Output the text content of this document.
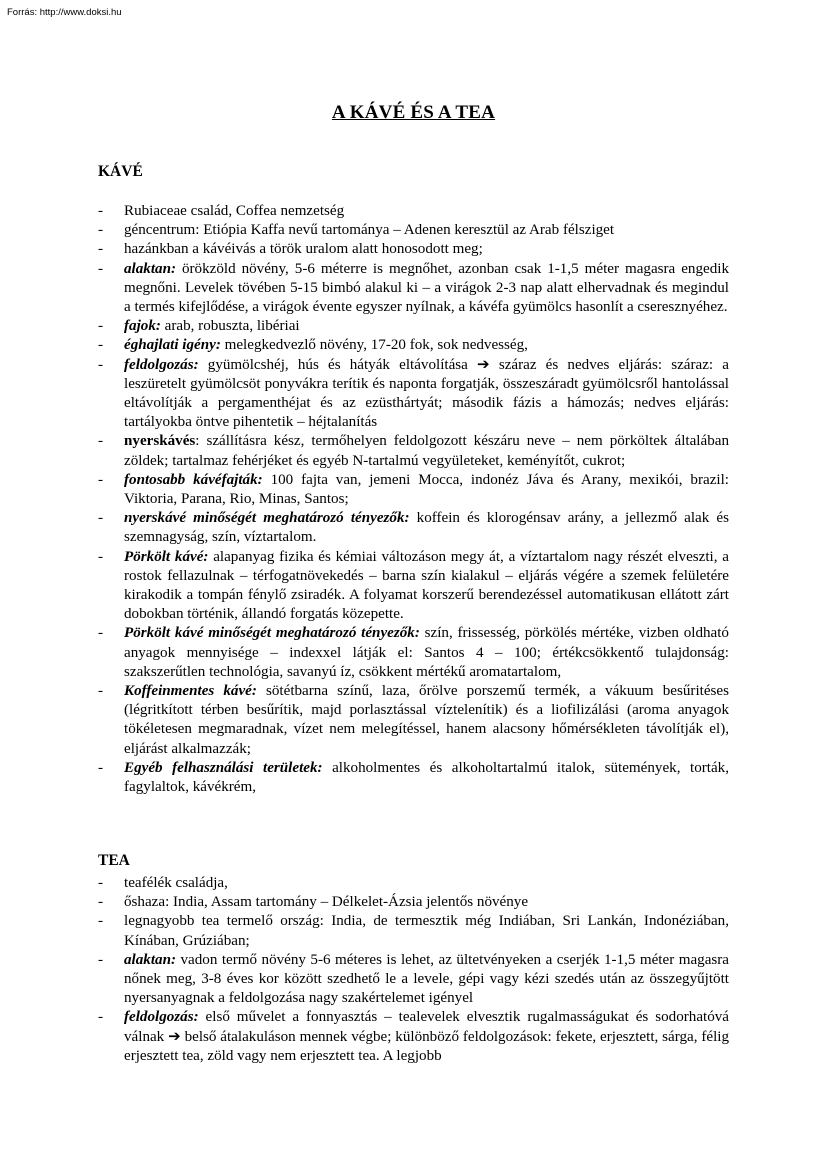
Forrás: http://www.doksi.hu
A KÁVÉ ÉS A TEA
KÁVÉ
- Rubiaceae család, Coffea nemzetség
- géncentrum: Etiópia Kaffa nevű tartománya – Adenen keresztül az Arab félsziget
- hazánkban a kávéivás a török uralom alatt honosodott meg;
- alaktan: örökzöld növény, 5-6 méterre is megnőhet, azonban csak 1-1,5 méter magasra engedik megnőni. Levelek tövében 5-15 bimbó alakul ki – a virágok 2-3 nap alatt elhervadnak és megindul a termés kifejlődése, a virágok évente egyszer nyílnak, a kávéfa gyümölcs hasonlít a cseresznyéhez.
- fajok: arab, robuszta, libériai
- éghajlati igény: melegkedvezlő növény, 17-20 fok, sok nedvesség,
- feldolgozás: gyümölcshéj, hús és hátyák eltávolítása ➔ száraz és nedves eljárás: száraz: a leszüretelt gyümölcsöt ponyvákra terítik és naponta forgatják, összeszáradt gyümölcsről hantolással eltávolítják a pergamenthéjat és az ezüsthártyát; második fázis a hámozás; nedves eljárás: tartályokba öntve pihentetik – héjtalanítás
- nyerskávés: szállításra kész, termőhelyen feldolgozott készáru neve – nem pörköltek általában zöldek; tartalmaz fehérjéket és egyéb N-tartalmú vegyületeket, keményítőt, cukrot;
- fontosabb kávéfajták: 100 fajta van, jemeni Mocca, indonéz Jáva és Arany, mexikói, brazil: Viktoria, Parana, Rio, Minas, Santos;
- nyerskávé minőségét meghatározó tényezők: koffein és klorogénsav arány, a jellezmő alak és szemnagyság, szín, víztartalom.
- Pörkölt kávé: alapanyag fizika és kémiai változáson megy át, a víztartalom nagy részét elveszti, a rostok fellazulnak – térfogatnövekedés – barna szín kialakul – eljárás végére a szemek felületére kirakodik a tompán fénylő zsiradék. A folyamat korszerű berendezéssel automatikusan ellátott zárt dobokban történik, állandó forgatás közepette.
- Pörkölt kávé minőségét meghatározó tényezők: szín, frissesség, pörkölés mértéke, vizben oldható anyagok mennyisége – indexxel látják el: Santos 4 – 100; értékcsökkentő tulajdonság: szakszerűtlen technológia, savanyú íz, csökkent mértékű aromatartalom,
- Koffeinmentes kávé: sötétbarna színű, laza, őrölve porszemű termék, a vákuum besűritéses (légritkított térben besűrítik, majd porlasztással víztelenítik) és a liofilizálási (aroma anyagok tökéletesen megmaradnak, vízet nem melegítéssel, hanem alacsony hőmérsékleten távolítják el), eljárást alkalmazzák;
- Egyéb felhasználási területek: alkoholmentes és alkoholtartalmú italok, sütemények, torták, fagylaltok, kávékrém,
TEA
- teafélék családja,
- őshaza: India, Assam tartomány – Délkelet-Ázsia jelentős növénye
- legnagyobb tea termelő ország: India, de termesztik még Indiában, Sri Lankán, Indonéziában, Kínában, Grúziában;
- alaktan: vadon termő növény 5-6 méteres is lehet, az ültetvényeken a cserjék 1-1,5 méter magasra nőnek meg, 3-8 éves kor között szedhető le a levele, gépi vagy kézi szedés után az összegyűjtött nyersanyagnak a feldolgozása nagy szakértelemet igényel
- feldolgozás: első művelet a fonnyasztás – tealevelek elvesztik rugalmasságukat és sodorhatóvá válnak ➔ belső átalakuláson mennek végbe; különböző feldolgozások: fekete, erjesztett, sárga, félig erjesztett tea, zöld vagy nem erjesztett tea. A legjobb
